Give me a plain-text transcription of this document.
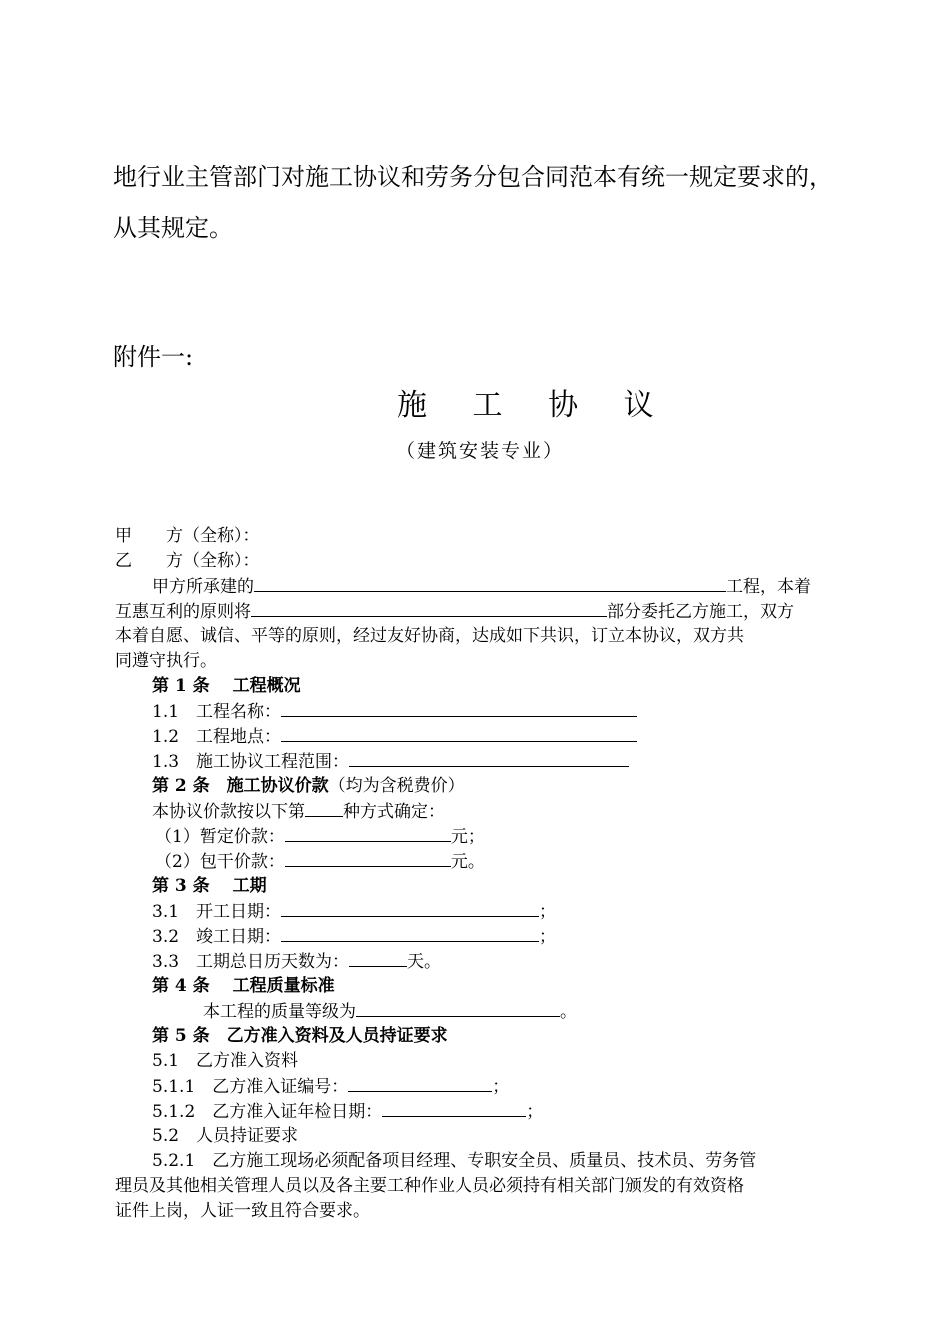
地行业主管部门对施工协议和劳务分包合同范本有统一规定要求的，
从其规定。
附件一:
施 工 协 议
（建筑安装专业）
甲　　方（全称）：
乙　　方（全称）：
甲方所承建的	工程，本着
互惠互利的原则将	部分委托乙方施工，双方
本着自愿、诚信、平等的原则，经过友好协商，达成如下共识，订立本协议，双方共
同遵守执行。
第 1 条　 工程概况
1.1　工程名称：
1.2　工程地点：
1.3　施工协议工程范围：
第 2 条　施工协议价款（均为含税费价）
本协议价款按以下第 种方式确定：
（1）暂定价款：	元；
（2）包干价款：	元。
第 3 条　 工期
3.1　开工日期：	；
3.2　竣工日期：	；
3.3　工期总日历天数为：	天。
第 4 条　 工程质量标准
本工程的质量等级为	。
第 5 条　乙方准入资料及人员持证要求
5.1　乙方准入资料
5.1.1　乙方准入证编号：	；
5.1.2　乙方准入证年检日期：	；
5.2　人员持证要求
5.2.1　乙方施工现场必须配备项目经理、专职安全员、质量员、技术员、劳务管
理员及其他相关管理人员以及各主要工种作业人员必须持有相关部门颁发的有效资格
证件上岗，人证一致且符合要求。
